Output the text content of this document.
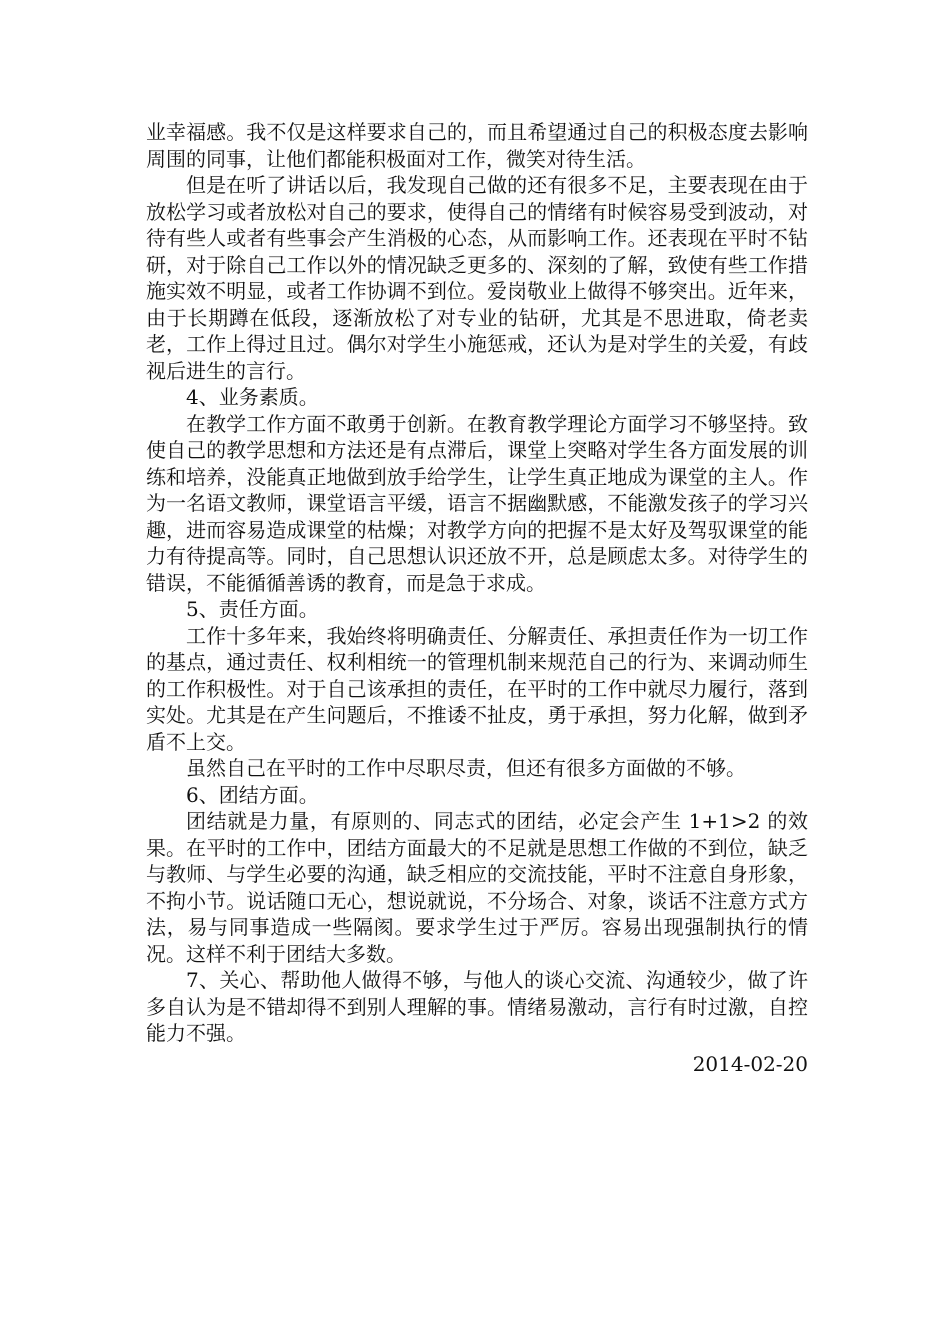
业幸福感。我不仅是这样要求自己的，而且希望通过自己的积极态度去影响周围的同事，让他们都能积极面对工作，微笑对待生活。

但是在听了讲话以后，我发现自己做的还有很多不足，主要表现在由于放松学习或者放松对自己的要求，使得自己的情绪有时候容易受到波动，对待有些人或者有些事会产生消极的心态，从而影响工作。还表现在平时不钻研，对于除自己工作以外的情况缺乏更多的、深刻的了解，致使有些工作措施实效不明显，或者工作协调不到位。爱岗敬业上做得不够突出。近年来，由于长期蹲在低段，逐渐放松了对专业的钻研，尤其是不思进取，倚老卖老，工作上得过且过。偶尔对学生小施惩戒，还认为是对学生的关爱，有歧视后进生的言行。

4、业务素质。

在教学工作方面不敢勇于创新。在教育教学理论方面学习不够坚持。致使自己的教学思想和方法还是有点滞后，课堂上突略对学生各方面发展的训练和培养，没能真正地做到放手给学生，让学生真正地成为课堂的主人。作为一名语文教师，课堂语言平缓，语言不据幽默感，不能激发孩子的学习兴趣，进而容易造成课堂的枯燥；对教学方向的把握不是太好及驾驭课堂的能力有待提高等。同时，自己思想认识还放不开，总是顾虑太多。对待学生的错误，不能循循善诱的教育，而是急于求成。

5、责任方面。

工作十多年来，我始终将明确责任、分解责任、承担责任作为一切工作的基点，通过责任、权利相统一的管理机制来规范自己的行为、来调动师生的工作积极性。对于自己该承担的责任，在平时的工作中就尽力履行，落到实处。尤其是在产生问题后，不推诿不扯皮，勇于承担，努力化解，做到矛盾不上交。

虽然自己在平时的工作中尽职尽责，但还有很多方面做的不够。

6、团结方面。

团结就是力量，有原则的、同志式的团结，必定会产生 1+1>2 的效果。在平时的工作中，团结方面最大的不足就是思想工作做的不到位，缺乏与教师、与学生必要的沟通，缺乏相应的交流技能，平时不注意自身形象，不拘小节。说话随口无心，想说就说，不分场合、对象，谈话不注意方式方法，易与同事造成一些隔阂。要求学生过于严厉。容易出现强制执行的情况。这样不利于团结大多数。

7、关心、帮助他人做得不够，与他人的谈心交流、沟通较少，做了许多自认为是不错却得不到别人理解的事。情绪易激动，言行有时过激，自控能力不强。

2014-02-20
